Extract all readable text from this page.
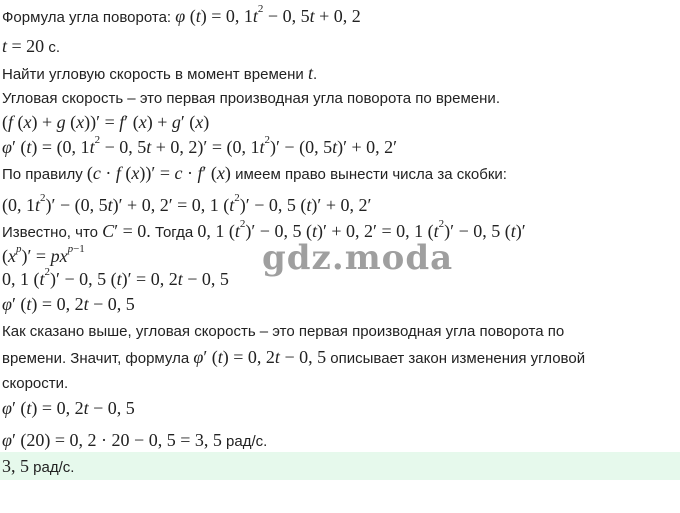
Формула угла поворота: φ (t) = 0, $1t^2 - 0$, 5t + 0, 2
t = 20 с.
Найти угловую скорость в момент времени t.
Угловая скорость – это первая производная угла поворота по времени.
(f (x) + g (x))′ = f′ (x) + g′ (x)
φ′ (t) = (0, $1t^2 - 0$, 5t + 0, 2)′ = (0, $1t^2)' - (0$, 5t)′ + 0, 2′
По правилу (c · f (x))′ = c · f′ (x) имеем право вынести числа за скобки:
(0, $1t^2)' - (0$, 5t)′ + 0, 2′ = 0, 1 $(t^2)' - 0$, 5 (t)′ + 0, 2′
Известно, что C′ = 0. Тогда 0, 1 $(t^2)' - 0$, 5 (t)′ + 0, 2′ = 0, 1 $(t^2)' - 0$, 5 (t)′
$(x^p)' = px^{p-1}$
0, 1 $(t^2)' - 0$, 5 (t)′ = 0, 2t − 0, 5
φ′ (t) = 0, 2t − 0, 5
Как сказано выше, угловая скорость – это первая производная угла поворота по
времени. Значит, формула φ′ (t) = 0, 2t − 0, 5 описывает закон изменения угловой
скорости.
φ′ (t) = 0, 2t − 0, 5
φ′ (20) = 0, 2 · 20 − 0, 5 = 3, 5 рад/с.
3, 5 рад/с.
gdz.moda
